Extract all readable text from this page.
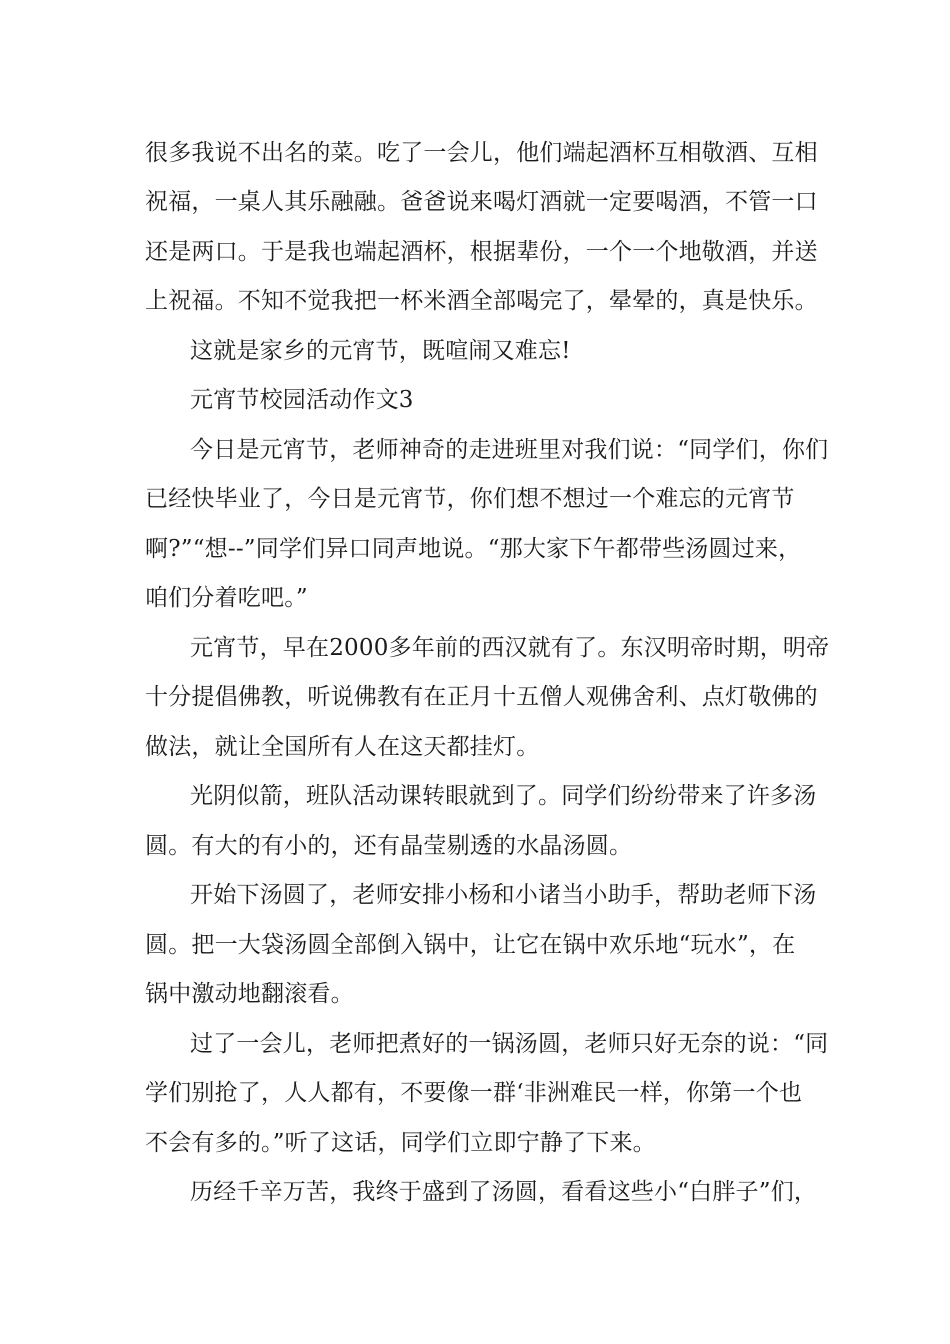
很多我说不出名的菜。吃了一会儿，他们端起酒杯互相敬酒、互相
祝福，一桌人其乐融融。爸爸说来喝灯酒就一定要喝酒，不管一口
还是两口。于是我也端起酒杯，根据辈份，一个一个地敬酒，并送
上祝福。不知不觉我把一杯米酒全部喝完了，晕晕的，真是快乐。
这就是家乡的元宵节，既喧闹又难忘!
元宵节校园活动作文3
今日是元宵节，老师神奇的走进班里对我们说：“同学们，你们
已经快毕业了，今日是元宵节，你们想不想过一个难忘的元宵节
啊?”“想--”同学们异口同声地说。“那大家下午都带些汤圆过来，
咱们分着吃吧。”
元宵节，早在2000多年前的西汉就有了。东汉明帝时期，明帝
十分提倡佛教，听说佛教有在正月十五僧人观佛舍利、点灯敬佛的
做法，就让全国所有人在这天都挂灯。
光阴似箭，班队活动课转眼就到了。同学们纷纷带来了许多汤
圆。有大的有小的，还有晶莹剔透的水晶汤圆。
开始下汤圆了，老师安排小杨和小诸当小助手，帮助老师下汤
圆。把一大袋汤圆全部倒入锅中，让它在锅中欢乐地“玩水”，在
锅中激动地翻滚看。
过了一会儿，老师把煮好的一锅汤圆，老师只好无奈的说：“同
学们别抢了，人人都有，不要像一群‘非洲难民一样，你第一个也
不会有多的。”听了这话，同学们立即宁静了下来。
历经千辛万苦，我终于盛到了汤圆，看看这些小“白胖子”们，
